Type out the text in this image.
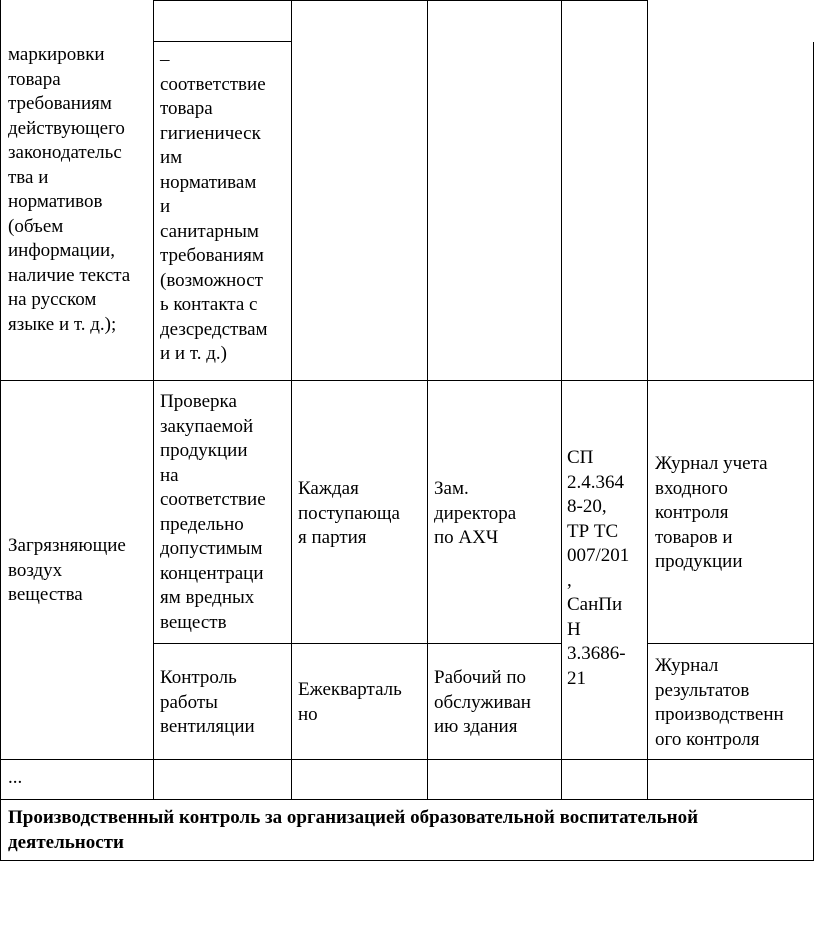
маркировки
товара
требованиям
действующего
законодательс
тва и
нормативов
(объем
информации,
наличие текста
на русском
языке и т. д.);
–
соответствие
товара
гигиеническ
им
нормативам
и
санитарным
требованиям
(возможност
ь контакта с
дезсредствам
и и т. д.)
Загрязняющие
воздух
вещества
Проверка
закупаемой
продукции
на
соответствие
предельно
допустимым
концентраци
ям вредных
веществ
Каждая
поступающа
я партия
Зам.
директора
по АХЧ
СП
2.4.364
8-20,
ТР ТС
007/201
,
СанПи
Н
3.3686-
21
Журнал учета
входного
контроля
товаров и
продукции
Контроль
работы
вентиляции
Ежекварталь
но
Рабочий по
обслуживан
ию здания
Журнал
результатов
производственн
ого контроля
...
Производственный контроль за организацией образовательной воспитательной
деятельности
